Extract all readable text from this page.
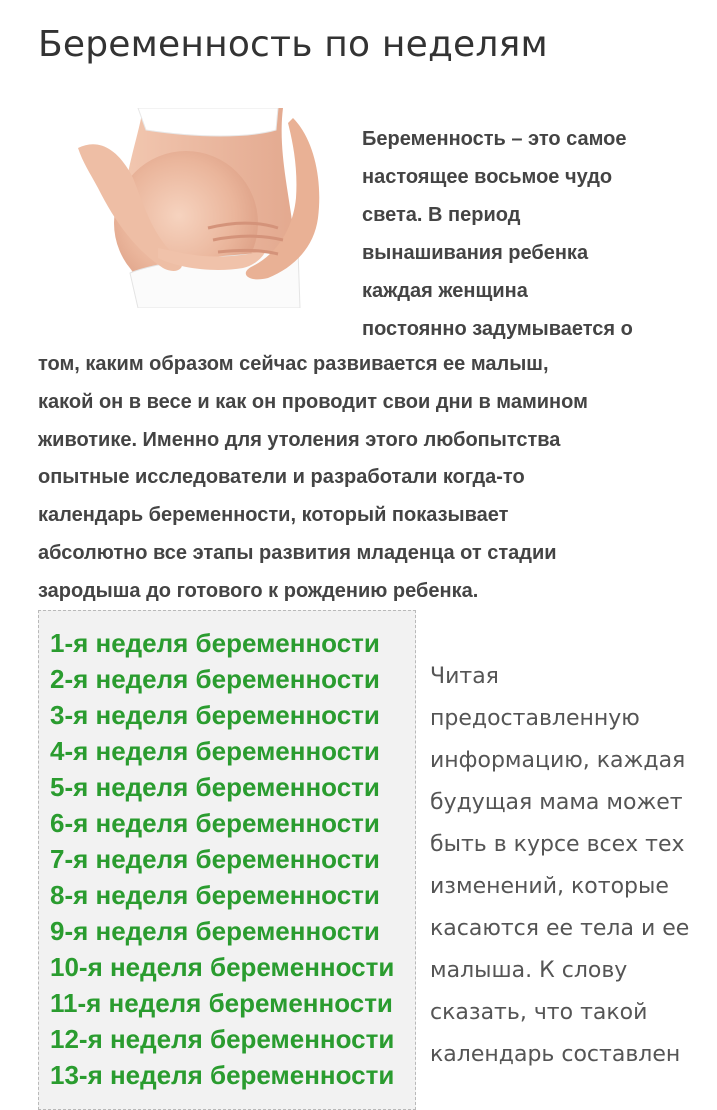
Беременность по неделям
Беременность – это самое
настоящее восьмое чудо
света. В период
вынашивания ребенка
каждая женщина
постоянно задумывается о
том, каким образом сейчас развивается ее малыш,
какой он в весе и как он проводит свои дни в мамином
животике. Именно для утоления этого любопытства
опытные исследователи и разработали когда-то
календарь беременности, который показывает
абсолютно все этапы развития младенца от стадии
зародыша до готового к рождению ребенка.
1-я неделя беременности
2-я неделя беременности
3-я неделя беременности
4-я неделя беременности
5-я неделя беременности
6-я неделя беременности
7-я неделя беременности
8-я неделя беременности
9-я неделя беременности
10-я неделя беременности
11-я неделя беременности
12-я неделя беременности
13-я неделя беременности
Читая
предоставленную
информацию, каждая
будущая мама может
быть в курсе всех тех
изменений, которые
касаются ее тела и ее
малыша. К слову
сказать, что такой
календарь составлен
